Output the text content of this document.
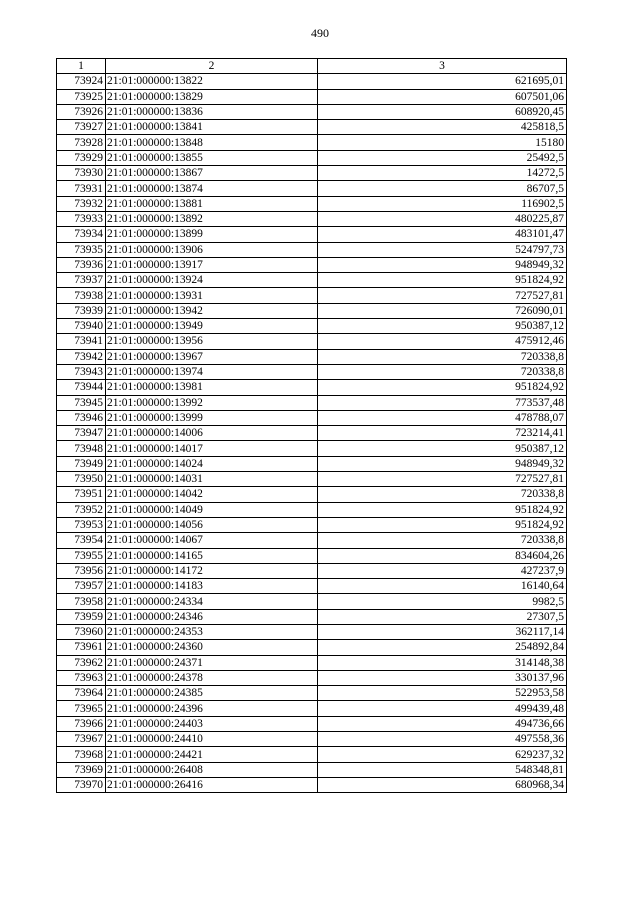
490
1	2	3
73924	21:01:000000:13822	621695,01
73925	21:01:000000:13829	607501,06
73926	21:01:000000:13836	608920,45
73927	21:01:000000:13841	425818,5
73928	21:01:000000:13848	15180
73929	21:01:000000:13855	25492,5
73930	21:01:000000:13867	14272,5
73931	21:01:000000:13874	86707,5
73932	21:01:000000:13881	116902,5
73933	21:01:000000:13892	480225,87
73934	21:01:000000:13899	483101,47
73935	21:01:000000:13906	524797,73
73936	21:01:000000:13917	948949,32
73937	21:01:000000:13924	951824,92
73938	21:01:000000:13931	727527,81
73939	21:01:000000:13942	726090,01
73940	21:01:000000:13949	950387,12
73941	21:01:000000:13956	475912,46
73942	21:01:000000:13967	720338,8
73943	21:01:000000:13974	720338,8
73944	21:01:000000:13981	951824,92
73945	21:01:000000:13992	773537,48
73946	21:01:000000:13999	478788,07
73947	21:01:000000:14006	723214,41
73948	21:01:000000:14017	950387,12
73949	21:01:000000:14024	948949,32
73950	21:01:000000:14031	727527,81
73951	21:01:000000:14042	720338,8
73952	21:01:000000:14049	951824,92
73953	21:01:000000:14056	951824,92
73954	21:01:000000:14067	720338,8
73955	21:01:000000:14165	834604,26
73956	21:01:000000:14172	427237,9
73957	21:01:000000:14183	16140,64
73958	21:01:000000:24334	9982,5
73959	21:01:000000:24346	27307,5
73960	21:01:000000:24353	362117,14
73961	21:01:000000:24360	254892,84
73962	21:01:000000:24371	314148,38
73963	21:01:000000:24378	330137,96
73964	21:01:000000:24385	522953,58
73965	21:01:000000:24396	499439,48
73966	21:01:000000:24403	494736,66
73967	21:01:000000:24410	497558,36
73968	21:01:000000:24421	629237,32
73969	21:01:000000:26408	548348,81
73970	21:01:000000:26416	680968,34
